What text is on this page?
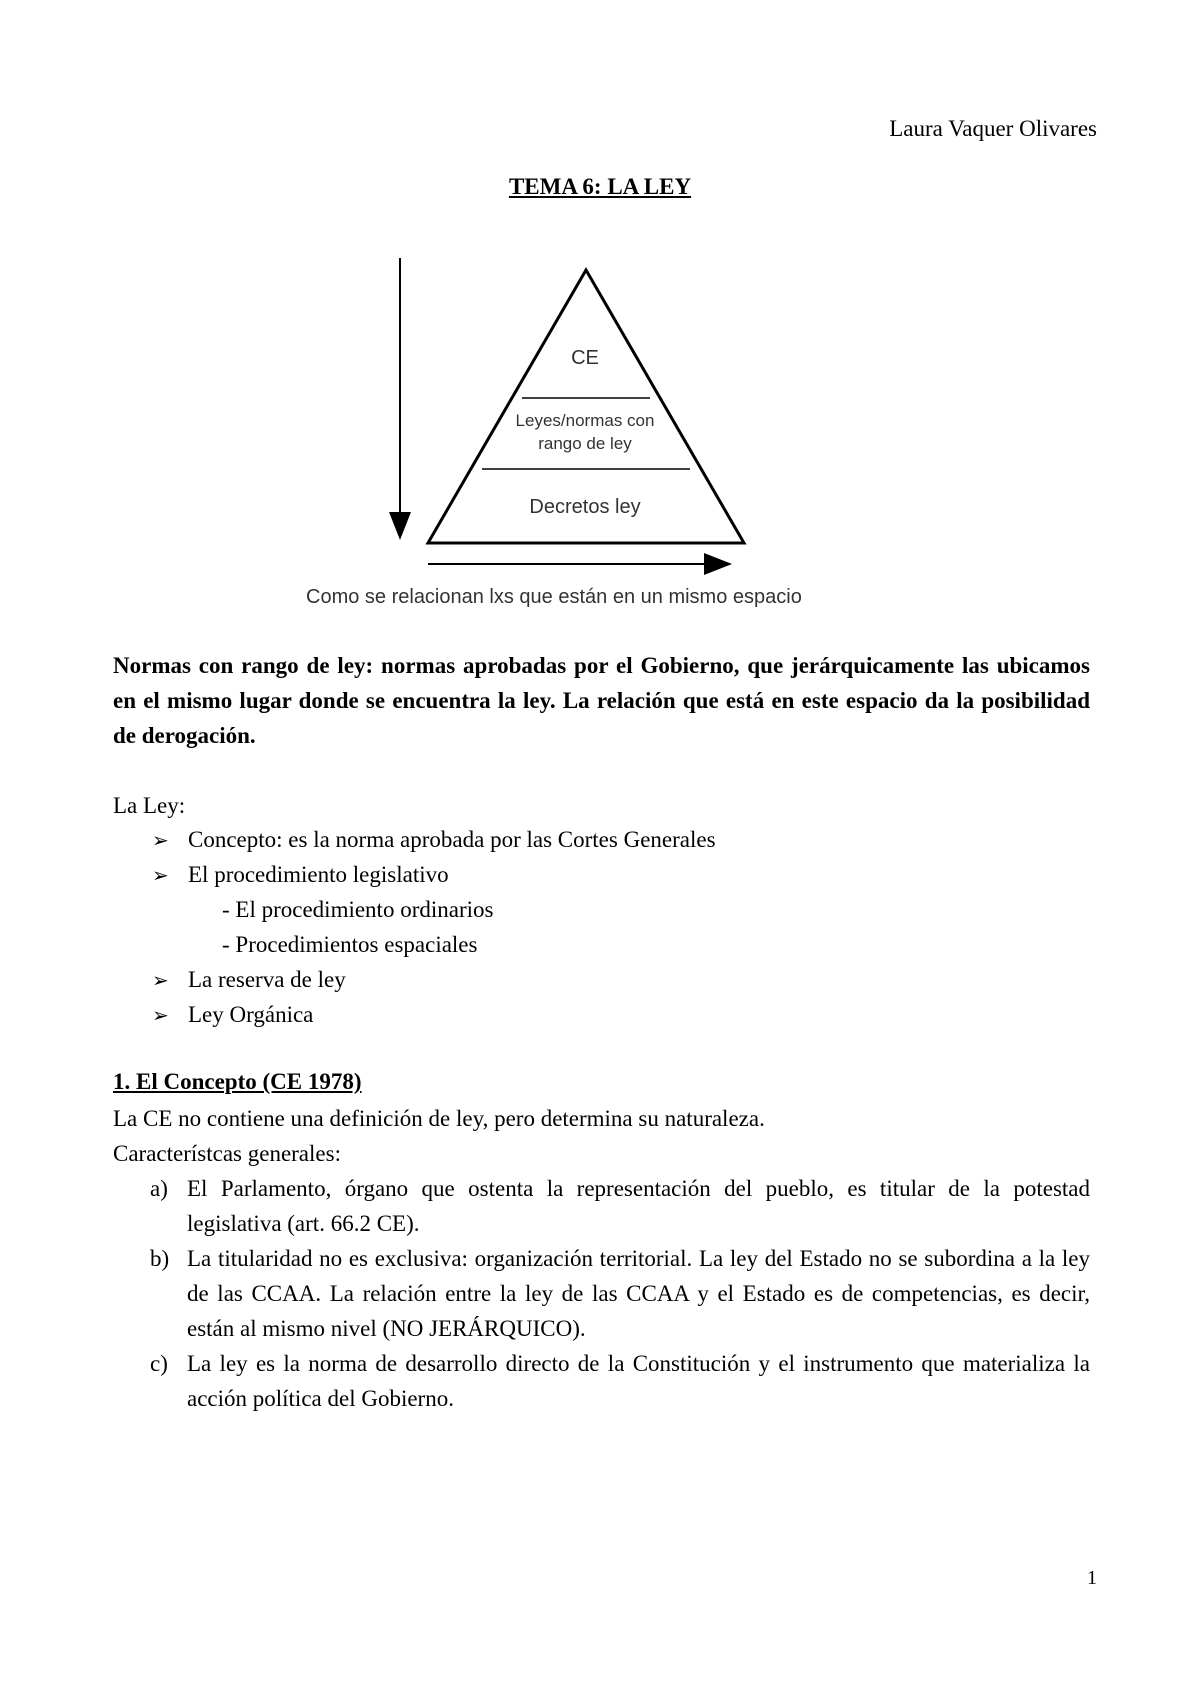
Laura Vaquer Olivares
TEMA 6: LA LEY
CE
Leyes/normas con
rango de ley
Decretos ley
Como se relacionan lxs que están en un mismo espacio
Normas con rango de ley: normas aprobadas por el Gobierno, que jerárquicamente las ubicamos en el mismo lugar donde se encuentra la ley. La relación que está en este espacio da la posibilidad de derogación.
La Ley:
➢ Concepto: es la norma aprobada por las Cortes Generales
➢ El procedimiento legislativo
- El procedimiento ordinarios
- Procedimientos espaciales
➢ La reserva de ley
➢ Ley Orgánica
1. El Concepto (CE 1978)
La CE no contiene una definición de ley, pero determina su naturaleza.
Característcas generales:
a) El Parlamento, órgano que ostenta la representación del pueblo, es titular de la potestad legislativa (art. 66.2 CE).
b) La titularidad no es exclusiva: organización territorial. La ley del Estado no se subordina a la ley de las CCAA. La relación entre la ley de las CCAA y el Estado es de competencias, es decir, están al mismo nivel (NO JERÁRQUICO).
c) La ley es la norma de desarrollo directo de la Constitución y el instrumento que materializa la acción política del Gobierno.
1
